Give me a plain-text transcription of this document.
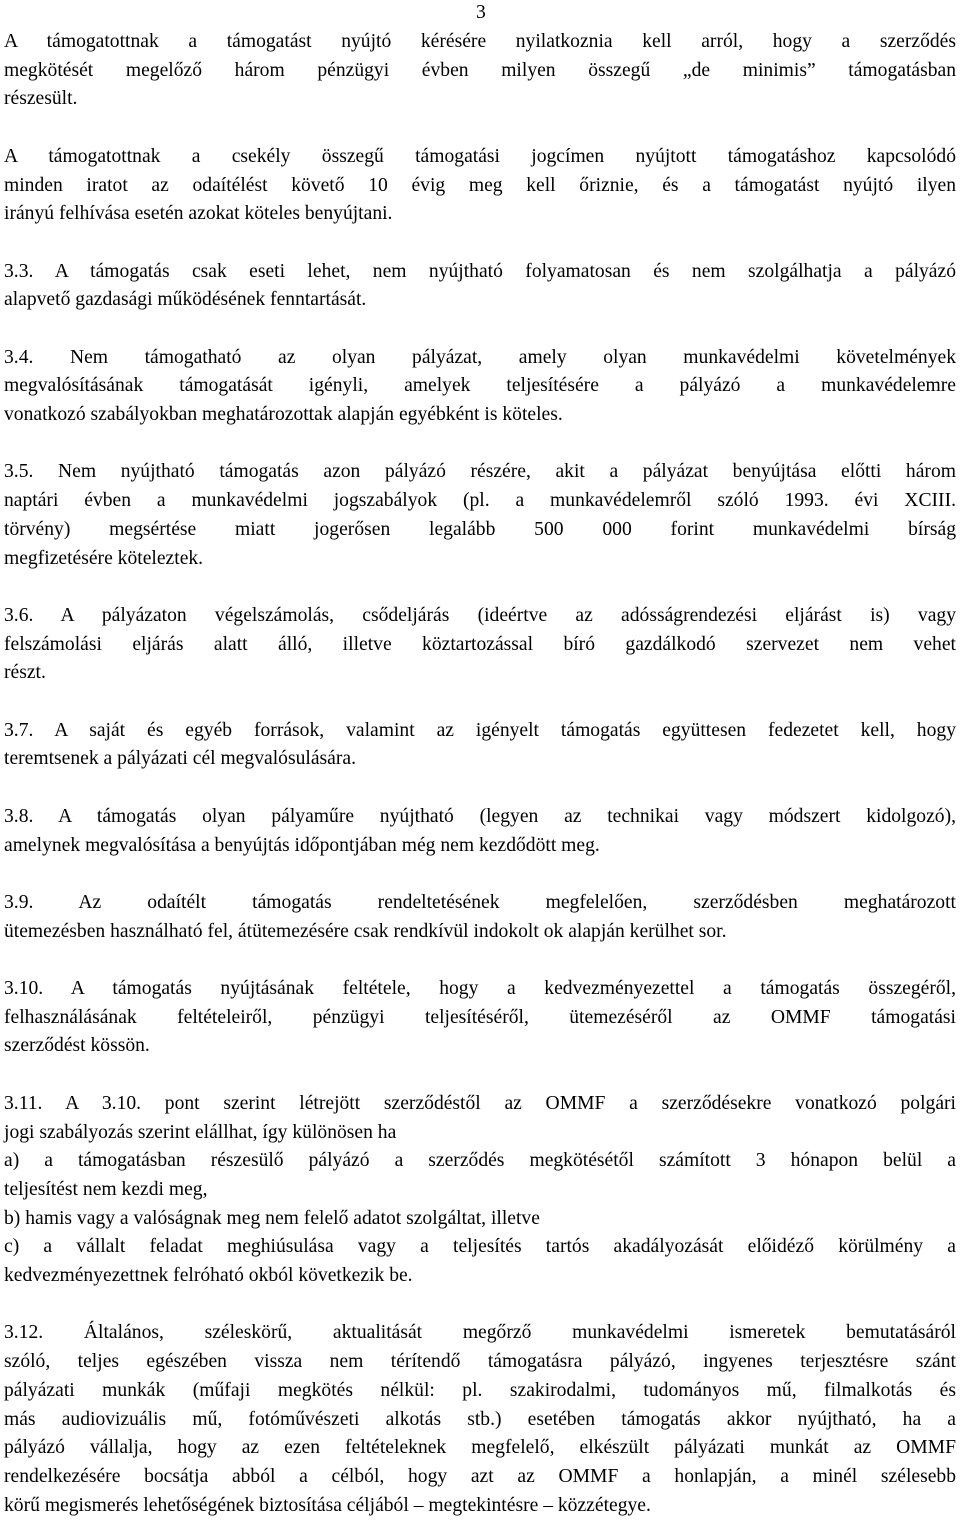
3
A támogatottnak a támogatást nyújtó kérésére nyilatkoznia kell arról, hogy a szerződés
megkötését megelőző három pénzügyi évben milyen összegű „de minimis” támogatásban
részesült.
A támogatottnak a csekély összegű támogatási jogcímen nyújtott támogatáshoz kapcsolódó
minden iratot az odaítélést követő 10 évig meg kell őriznie, és a támogatást nyújtó ilyen
irányú felhívása esetén azokat köteles benyújtani.
3.3. A támogatás csak eseti lehet, nem nyújtható folyamatosan és nem szolgálhatja a pályázó
alapvető gazdasági működésének fenntartását.
3.4. Nem támogatható az olyan pályázat, amely olyan munkavédelmi követelmények
megvalósításának támogatását igényli, amelyek teljesítésére a pályázó a munkavédelemre
vonatkozó szabályokban meghatározottak alapján egyébként is köteles.
3.5. Nem nyújtható támogatás azon pályázó részére, akit a pályázat benyújtása előtti három
naptári évben a munkavédelmi jogszabályok (pl. a munkavédelemről szóló 1993. évi XCIII.
törvény) megsértése miatt jogerősen legalább 500 000 forint munkavédelmi bírság
megfizetésére köteleztek.
3.6. A pályázaton végelszámolás, csődeljárás (ideértve az adósságrendezési eljárást is) vagy
felszámolási eljárás alatt álló, illetve köztartozással bíró gazdálkodó szervezet nem vehet
részt.
3.7. A saját és egyéb források, valamint az igényelt támogatás együttesen fedezetet kell, hogy
teremtsenek a pályázati cél megvalósulására.
3.8. A támogatás olyan pályaműre nyújtható (legyen az technikai vagy módszert kidolgozó),
amelynek megvalósítása a benyújtás időpontjában még nem kezdődött meg.
3.9. Az odaítélt támogatás rendeltetésének megfelelően, szerződésben meghatározott
ütemezésben használható fel, átütemezésére csak rendkívül indokolt ok alapján kerülhet sor.
3.10. A támogatás nyújtásának feltétele, hogy a kedvezményezettel a támogatás összegéről,
felhasználásának feltételeiről, pénzügyi teljesítéséről, ütemezéséről az OMMF támogatási
szerződést kössön.
3.11. A 3.10. pont szerint létrejött szerződéstől az OMMF a szerződésekre vonatkozó polgári
jogi szabályozás szerint elállhat, így különösen ha
a) a támogatásban részesülő pályázó a szerződés megkötésétől számított 3 hónapon belül a
teljesítést nem kezdi meg,
b) hamis vagy a valóságnak meg nem felelő adatot szolgáltat, illetve
c) a vállalt feladat meghiúsulása vagy a teljesítés tartós akadályozását előidéző körülmény a
kedvezményezettnek felróható okból következik be.
3.12. Általános, széleskörű, aktualitását megőrző munkavédelmi ismeretek bemutatásáról
szóló, teljes egészében vissza nem térítendő támogatásra pályázó, ingyenes terjesztésre szánt
pályázati munkák (műfaji megkötés nélkül: pl. szakirodalmi, tudományos mű, filmalkotás és
más audiovizuális mű, fotóművészeti alkotás stb.) esetében támogatás akkor nyújtható, ha a
pályázó vállalja, hogy az ezen feltételeknek megfelelő, elkészült pályázati munkát az OMMF
rendelkezésére bocsátja abból a célból, hogy azt az OMMF a honlapján, a minél szélesebb
körű megismerés lehetőségének biztosítása céljából – megtekintésre – közzétegye.
